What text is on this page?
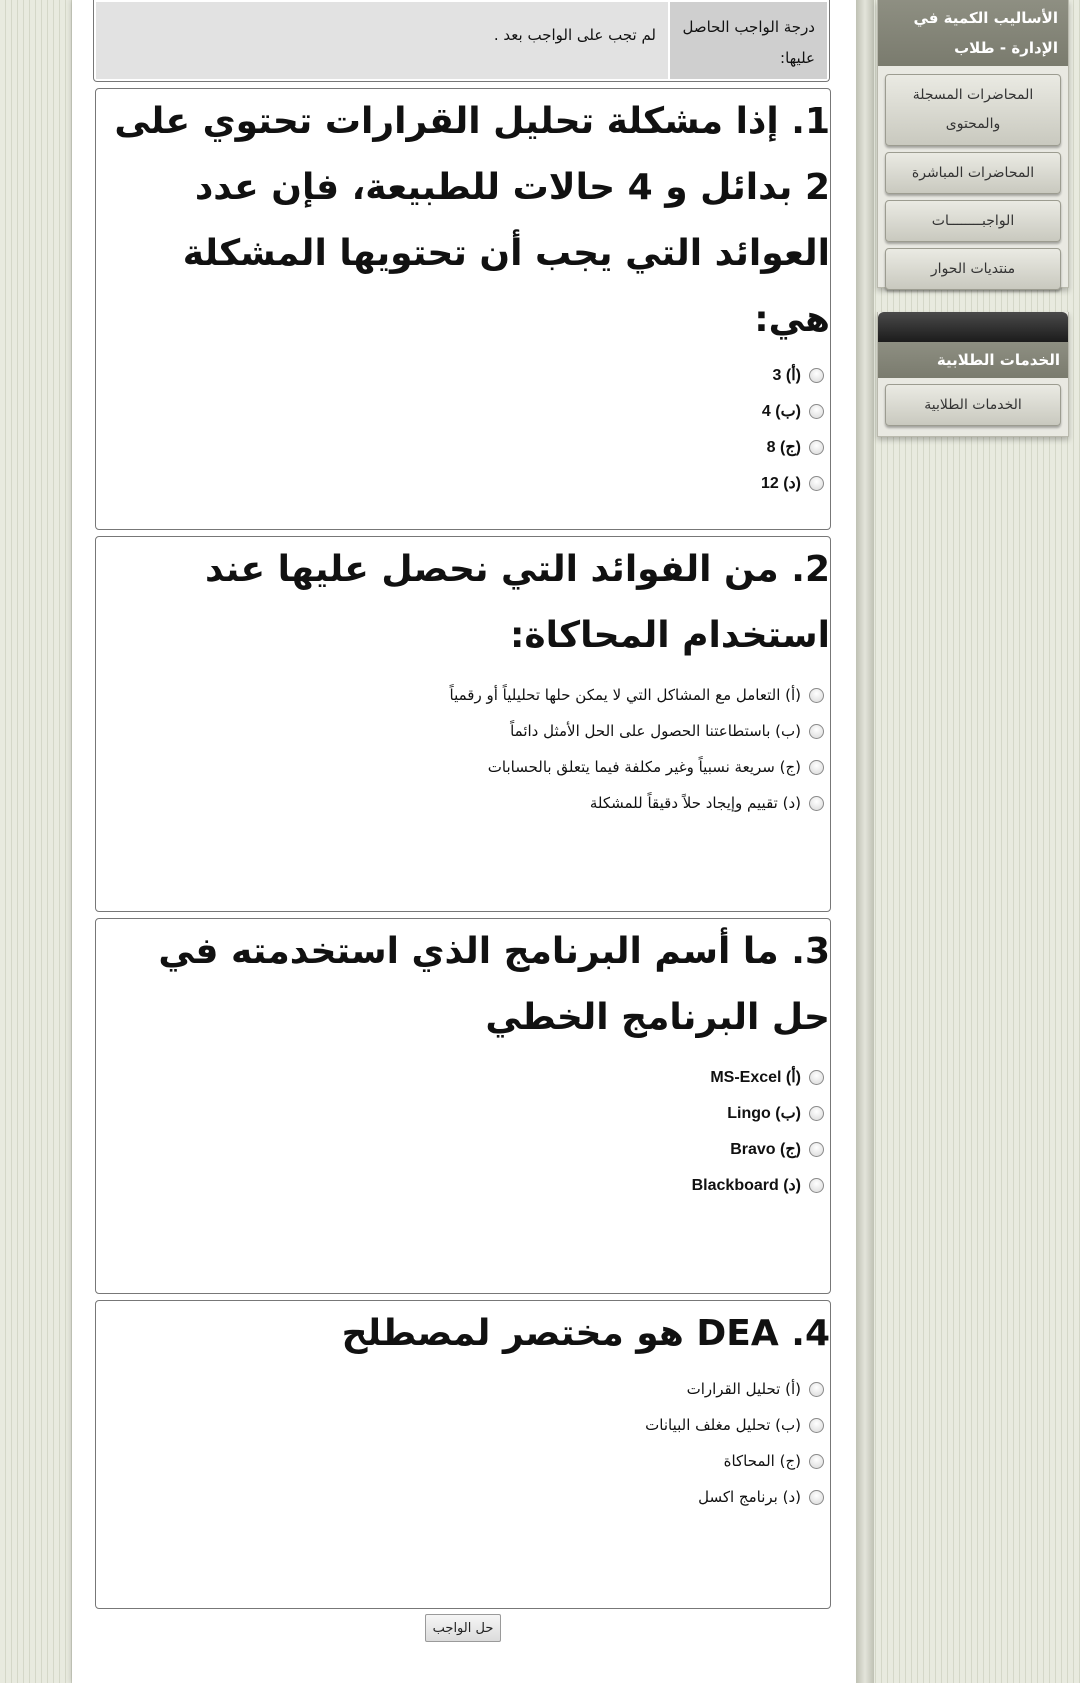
درجة الواجب الحاصل عليها:
لم تجب على الواجب بعد .
1. إذا مشكلة تحليل القرارات تحتوي على 2 بدائل و 4 حالات للطبيعة، فإن عدد العوائد التي يجب أن تحتويها المشكلة هي:
(أ) 3
(ب) 4
(ج) 8
(د) 12
2. من الفوائد التي نحصل عليها عند استخدام المحاكاة:
(أ) التعامل مع المشاكل التي لا يمكن حلها تحليلياً أو رقمياً
(ب) باستطاعتنا الحصول على الحل الأمثل دائماً
(ج) سريعة نسبياً وغير مكلفة فيما يتعلق بالحسابات
(د) تقييم وإيجاد حلاً دقيقاً للمشكلة
3. ما أسم البرنامج الذي استخدمته في حل البرنامج الخطي
(أ) MS-Excel
(ب) Lingo
(ج) Bravo
(د) Blackboard
4. DEA هو مختصر لمصطلح
(أ) تحليل القرارات
(ب) تحليل مغلف البيانات
(ج) المحاكاة
(د) برنامج اكسل
حل الواجب
الأساليب الكمية في الإدارة - طلاب
المحاضرات المسجلة والمحتوى
المحاضرات المباشرة
الواجبــــــــات
منتديات الحوار
الخدمات الطلابية
الخدمات الطلابية
